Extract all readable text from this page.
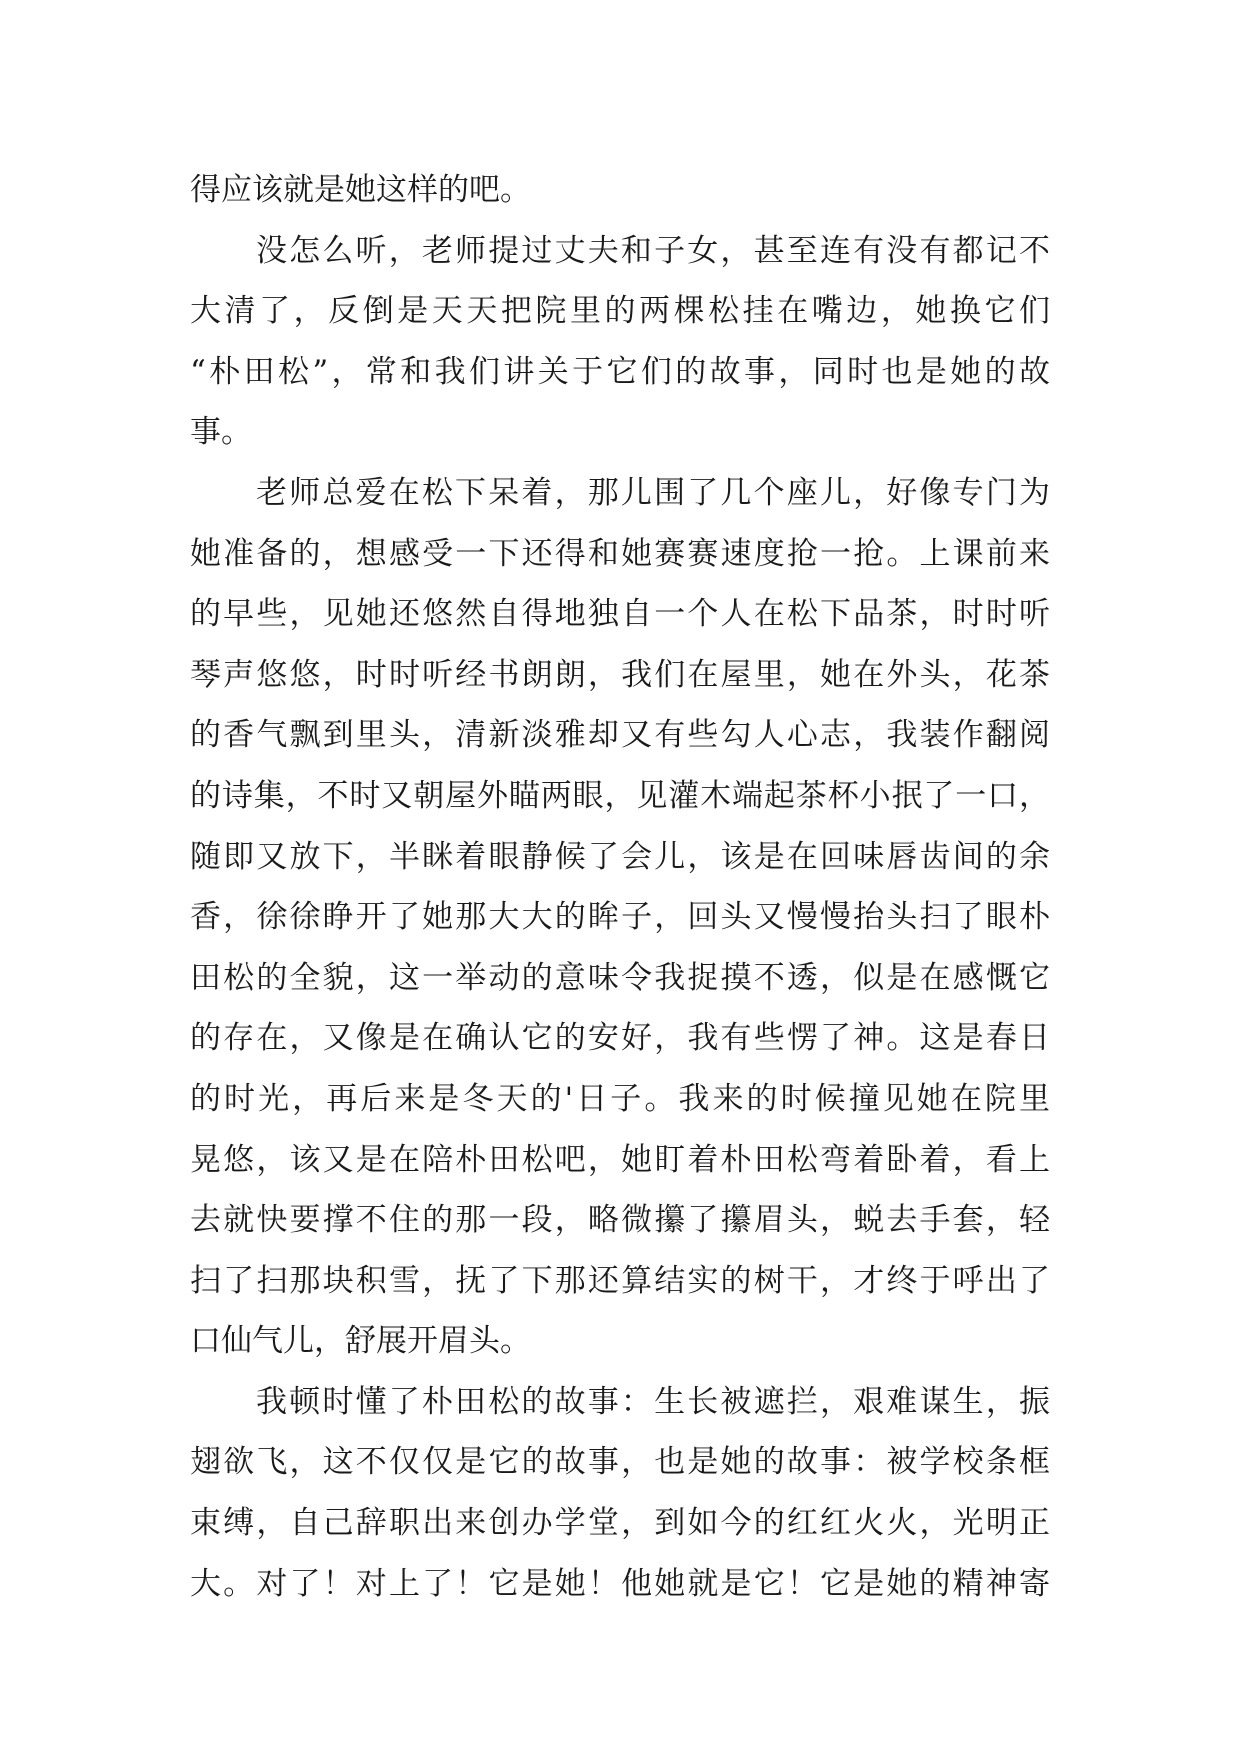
得应该就是她这样的吧。
没怎么听，老师提过丈夫和子女，甚至连有没有都记不
大清了，反倒是天天把院里的两棵松挂在嘴边，她换它们
“朴田松”，常和我们讲关于它们的故事，同时也是她的故
事。
老师总爱在松下呆着，那儿围了几个座儿，好像专门为
她准备的，想感受一下还得和她赛赛速度抢一抢。上课前来
的早些，见她还悠然自得地独自一个人在松下品茶，时时听
琴声悠悠，时时听经书朗朗，我们在屋里，她在外头，花茶
的香气飘到里头，清新淡雅却又有些勾人心志，我装作翻阅
的诗集，不时又朝屋外瞄两眼，见灌木端起茶杯小抿了一口，
随即又放下，半眯着眼静候了会儿，该是在回味唇齿间的余
香，徐徐睁开了她那大大的眸子，回头又慢慢抬头扫了眼朴
田松的全貌，这一举动的意味令我捉摸不透，似是在感慨它
的存在，又像是在确认它的安好，我有些愣了神。这是春日
的时光，再后来是冬天的'日子。我来的时候撞见她在院里
晃悠，该又是在陪朴田松吧，她盯着朴田松弯着卧着，看上
去就快要撑不住的那一段，略微攥了攥眉头，蜕去手套，轻
扫了扫那块积雪，抚了下那还算结实的树干，才终于呼出了
口仙气儿，舒展开眉头。
我顿时懂了朴田松的故事：生长被遮拦，艰难谋生，振
翅欲飞，这不仅仅是它的故事，也是她的故事：被学校条框
束缚，自己辞职出来创办学堂，到如今的红红火火，光明正
大。对了！对上了！它是她！他她就是它！它是她的精神寄
